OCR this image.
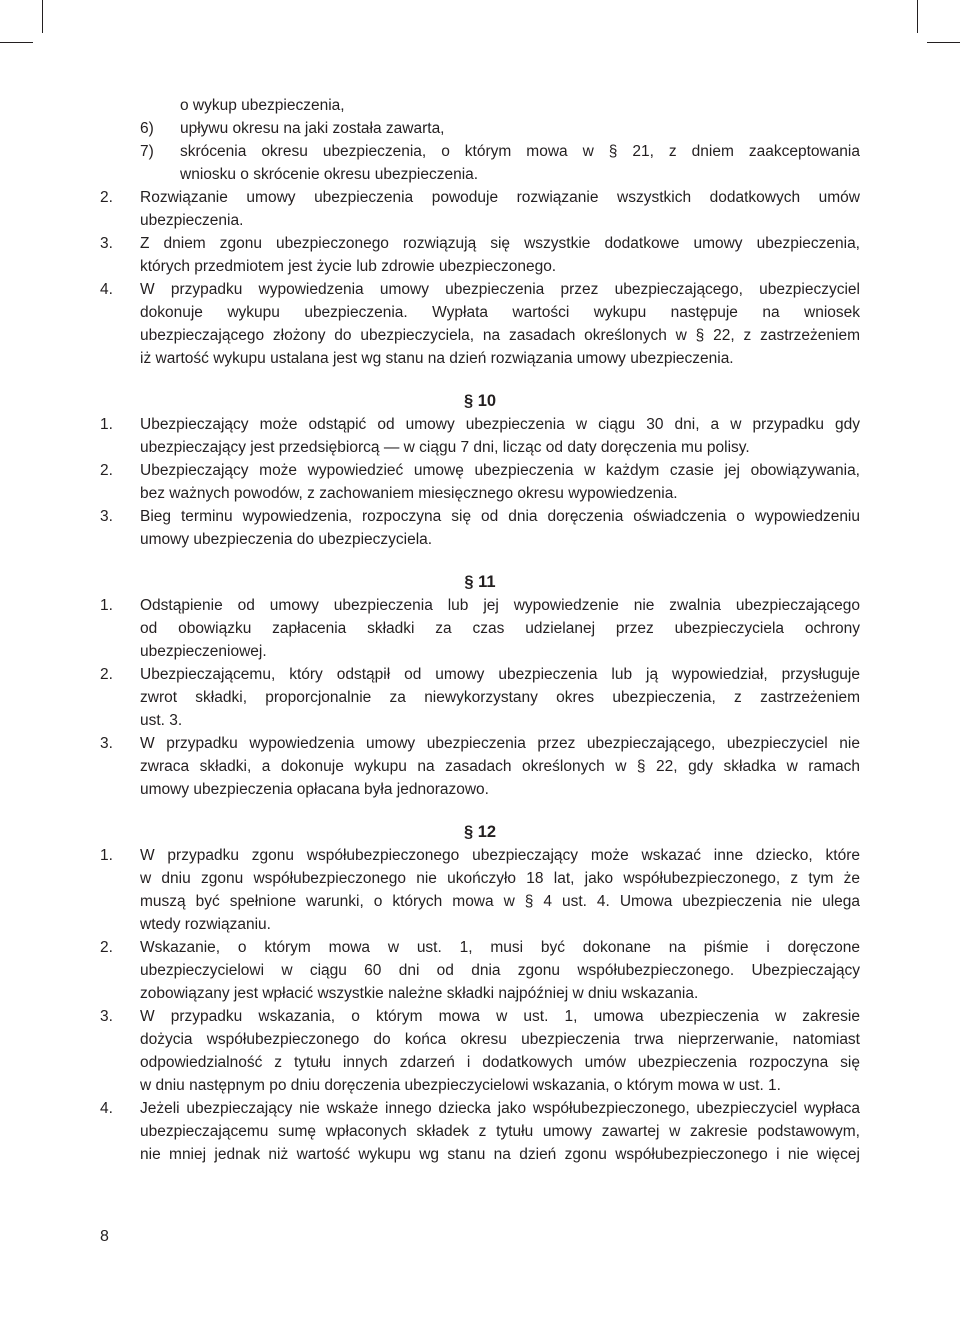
o wykup ubezpieczenia,
6) upływu okresu na jaki została zawarta,
7) skrócenia okresu ubezpieczenia, o którym mowa w § 21, z dniem zaakceptowania
wniosku o skrócenie okresu ubezpieczenia.
2. Rozwiązanie umowy ubezpieczenia powoduje rozwiązanie wszystkich dodatkowych umów
ubezpieczenia.
3. Z dniem zgonu ubezpieczonego rozwiązują się wszystkie dodatkowe umowy ubezpieczenia,
których przedmiotem jest życie lub zdrowie ubezpieczonego.
4. W przypadku wypowiedzenia umowy ubezpieczenia przez ubezpieczającego, ubezpieczyciel
dokonuje wykupu ubezpieczenia. Wypłata wartości wykupu następuje na wniosek
ubezpieczającego złożony do ubezpieczyciela, na zasadach określonych w § 22, z zastrzeżeniem
iż wartość wykupu ustalana jest wg stanu na dzień rozwiązania umowy ubezpieczenia.
§ 10
1. Ubezpieczający może odstąpić od umowy ubezpieczenia w ciągu 30 dni, a w przypadku gdy
ubezpieczający jest przedsiębiorcą — w ciągu 7 dni, licząc od daty doręczenia mu polisy.
2. Ubezpieczający może wypowiedzieć umowę ubezpieczenia w każdym czasie jej obowiązywania,
bez ważnych powodów, z zachowaniem miesięcznego okresu wypowiedzenia.
3. Bieg terminu wypowiedzenia, rozpoczyna się od dnia doręczenia oświadczenia o wypowiedzeniu
umowy ubezpieczenia do ubezpieczyciela.
§ 11
1. Odstąpienie od umowy ubezpieczenia lub jej wypowiedzenie nie zwalnia ubezpieczającego
od obowiązku zapłacenia składki za czas udzielanej przez ubezpieczyciela ochrony
ubezpieczeniowej.
2. Ubezpieczającemu, który odstąpił od umowy ubezpieczenia lub ją wypowiedział, przysługuje
zwrot składki, proporcjonalnie za niewykorzystany okres ubezpieczenia, z zastrzeżeniem
ust. 3.
3. W przypadku wypowiedzenia umowy ubezpieczenia przez ubezpieczającego, ubezpieczyciel nie
zwraca składki, a dokonuje wykupu na zasadach określonych w § 22, gdy składka w ramach
umowy ubezpieczenia opłacana była jednorazowo.
§ 12
1. W przypadku zgonu współubezpieczonego ubezpieczający może wskazać inne dziecko, które
w dniu zgonu współubezpieczonego nie ukończyło 18 lat, jako współubezpieczonego, z tym że
muszą być spełnione warunki, o których mowa w § 4 ust. 4. Umowa ubezpieczenia nie ulega
wtedy rozwiązaniu.
2. Wskazanie, o którym mowa w ust. 1, musi być dokonane na piśmie i doręczone
ubezpieczycielowi w ciągu 60 dni od dnia zgonu współubezpieczonego. Ubezpieczający
zobowiązany jest wpłacić wszystkie należne składki najpóźniej w dniu wskazania.
3. W przypadku wskazania, o którym mowa w ust. 1, umowa ubezpieczenia w zakresie
dożycia współubezpieczonego do końca okresu ubezpieczenia trwa nieprzerwanie, natomiast
odpowiedzialność z tytułu innych zdarzeń i dodatkowych umów ubezpieczenia rozpoczyna się
w dniu następnym po dniu doręczenia ubezpieczycielowi wskazania, o którym mowa w ust. 1.
4. Jeżeli ubezpieczający nie wskaże innego dziecka jako współubezpieczonego, ubezpieczyciel wypłaca
ubezpieczającemu sumę wpłaconych składek z tytułu umowy zawartej w zakresie podstawowym,
nie mniej jednak niż wartość wykupu wg stanu na dzień zgonu współubezpieczonego i nie więcej
8
